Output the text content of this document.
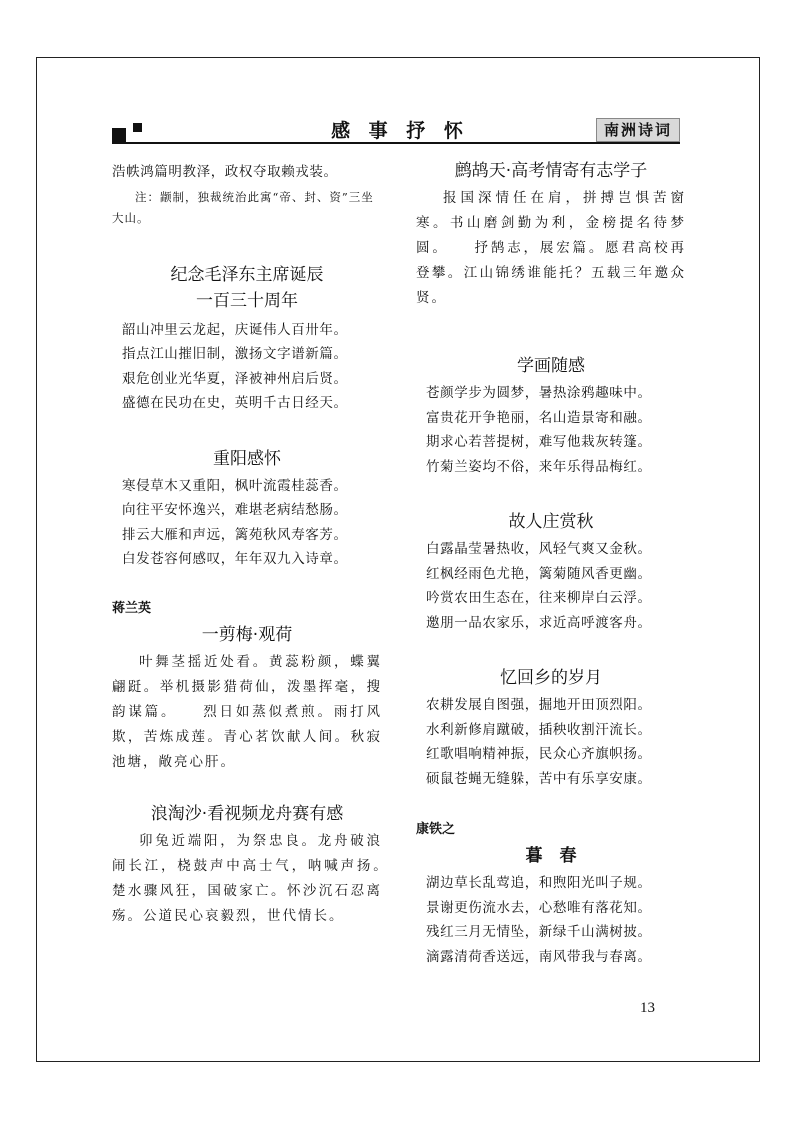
感 事 抒 怀	南洲诗词

浩帙鸿篇明教泽，政权夺取赖戎装。

注：颛制，独裁统治此寓“帝、封、资”三坐大山。

纪念毛泽东主席诞辰

一百三十周年

韶山冲里云龙起，庆诞伟人百卅年。

指点江山摧旧制，激扬文字谱新篇。

艰危创业光华夏，泽被神州启后贤。

盛德在民功在史，英明千古日经天。

重阳感怀

寒侵草木又重阳，枫叶流霞桂蕊香。

向往平安怀逸兴，难堪老病结愁肠。

排云大雁和声远，篱苑秋风寿客芳。

白发苍容何感叹，年年双九入诗章。

蒋兰英

一剪梅·观荷

叶舞茎摇近处看。黄蕊粉颜，蝶翼翩跹。举机摄影猎荷仙，泼墨挥毫，搜韵谋篇。　　烈日如蒸似煮煎。雨打风欺，苦炼成莲。青心茗饮献人间。秋寂池塘，敞亮心肝。

浪淘沙·看视频龙舟赛有感

卯兔近端阳，为祭忠良。龙舟破浪闹长江，桡鼓声中高士气，呐喊声扬。　　楚水骤风狂，国破家亡。怀沙沉石忍离殇。公道民心哀毅烈，世代情长。

鹧鸪天·高考情寄有志学子

报国深情任在肩，拼搏岂惧苦窗寒。书山磨剑勤为利，金榜提名待梦圆。　　抒鹄志，展宏篇。愿君高校再登攀。江山锦绣谁能托？五载三年邀众贤。

学画随感

苍颜学步为圆梦，暑热涂鸦趣味中。

富贵花开争艳丽，名山造景寄和融。

期求心若菩提树，难写他栽灰转篷。

竹菊兰姿均不俗，来年乐得品梅红。

故人庄赏秋

白露晶莹暑热收，风轻气爽又金秋。

红枫经雨色尤艳，篱菊随风香更幽。

吟赏农田生态在，往来柳岸白云浮。

邀朋一品农家乐，求近高呼渡客舟。

忆回乡的岁月

农耕发展自图强，掘地开田顶烈阳。

水利新修肩蹴破，插秧收割汗流长。

红歌唱响精神振，民众心齐旗帜扬。

硕鼠苍蝇无缝躲，苦中有乐享安康。

康铁之

暮　春

湖边草长乱莺追，和煦阳光叫子规。

景谢更伤流水去，心愁唯有落花知。

残红三月无情坠，新绿千山满树披。

滴露清荷香送远，南风带我与春离。

13
